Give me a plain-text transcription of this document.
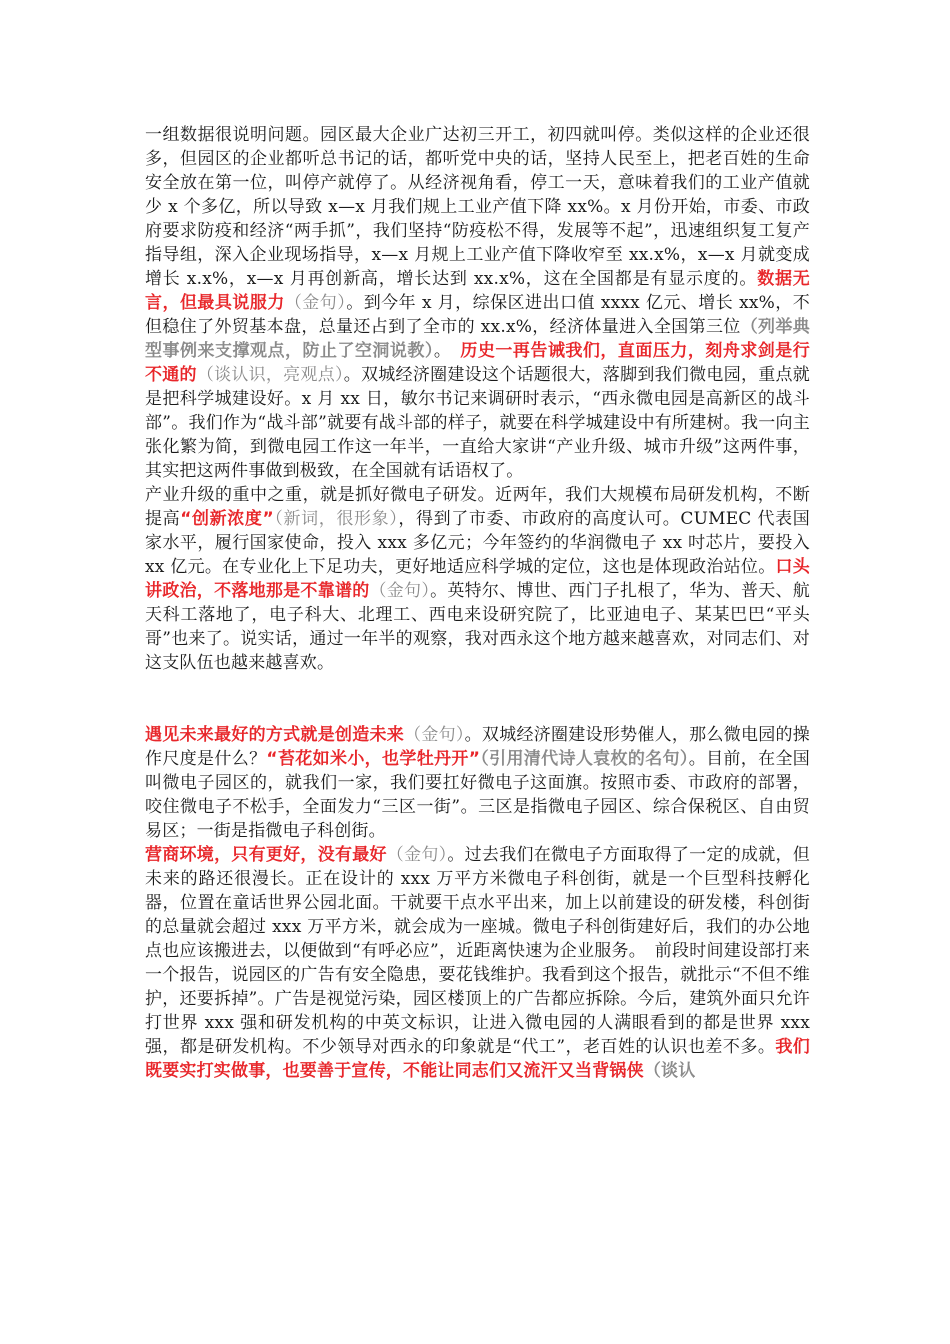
一组数据很说明问题。园区最大企业广达初三开工，初四就叫停。类似这样的企业还很多，但园区的企业都听总书记的话，都听党中央的话，坚持人民至上，把老百姓的生命安全放在第一位，叫停产就停了。从经济视角看，停工一天，意味着我们的工业产值就少 x 个多亿，所以导致 x—x 月我们规上工业产值下降 xx%。x 月份开始，市委、市政府要求防疫和经济“两手抓”，我们坚持“防疫松不得，发展等不起”，迅速组织复工复产指导组，深入企业现场指导，x—x 月规上工业产值下降收窄至 xx.x%，x—x 月就变成增长 x.x%，x—x 月再创新高，增长达到 xx.x%，这在全国都是有显示度的。数据无言，但最具说服力（金句）。到今年 x 月，综保区进出口值 xxxx 亿元、增长 xx%，不但稳住了外贸基本盘，总量还占到了全市的 xx.x%，经济体量进入全国第三位（列举典型事例来支撑观点，防止了空洞说教）。　历史一再告诫我们，直面压力，刻舟求剑是行不通的（谈认识，亮观点）。双城经济圈建设这个话题很大，落脚到我们微电园，重点就是把科学城建设好。x 月 xx 日，敏尔书记来调研时表示，“西永微电园是高新区的战斗部”。我们作为“战斗部”就要有战斗部的样子，就要在科学城建设中有所建树。我一向主张化繁为简，到微电园工作这一年半，一直给大家讲“产业升级、城市升级”这两件事，其实把这两件事做到极致，在全国就有话语权了。

产业升级的重中之重，就是抓好微电子研发。近两年，我们大规模布局研发机构，不断提高“创新浓度”（新词，很形象），得到了市委、市政府的高度认可。CUMEC 代表国家水平，履行国家使命，投入 xxx 多亿元；今年签约的华润微电子 xx 吋芯片，要投入 xx 亿元。在专业化上下足功夫，更好地适应科学城的定位，这也是体现政治站位。口头讲政治，不落地那是不靠谱的（金句）。英特尔、博世、西门子扎根了，华为、普天、航天科工落地了，电子科大、北理工、西电来设研究院了，比亚迪电子、某某巴巴“平头哥”也来了。说实话，通过一年半的观察，我对西永这个地方越来越喜欢，对同志们、对这支队伍也越来越喜欢。

遇见未来最好的方式就是创造未来（金句）。双城经济圈建设形势催人，那么微电园的操作尺度是什么？“苔花如米小，也学牡丹开”（引用清代诗人袁枚的名句）。目前，在全国叫微电子园区的，就我们一家，我们要扛好微电子这面旗。按照市委、市政府的部署，咬住微电子不松手，全面发力“三区一街”。三区是指微电子园区、综合保税区、自由贸易区；一街是指微电子科创街。

营商环境，只有更好，没有最好（金句）。过去我们在微电子方面取得了一定的成就，但未来的路还很漫长。正在设计的 xxx 万平方米微电子科创街，就是一个巨型科技孵化器，位置在童话世界公园北面。干就要干点水平出来，加上以前建设的研发楼，科创街的总量就会超过 xxx 万平方米，就会成为一座城。微电子科创街建好后，我们的办公地点也应该搬进去，以便做到“有呼必应”，近距离快速为企业服务。　前段时间建设部打来一个报告，说园区的广告有安全隐患，要花钱维护。我看到这个报告，就批示“不但不维护，还要拆掉”。广告是视觉污染，园区楼顶上的广告都应拆除。今后，建筑外面只允许打世界 xxx 强和研发机构的中英文标识，让进入微电园的人满眼看到的都是世界 xxx 强，都是研发机构。不少领导对西永的印象就是“代工”，老百姓的认识也差不多。我们既要实打实做事，也要善于宣传，不能让同志们又流汗又当背锅侠（谈认
